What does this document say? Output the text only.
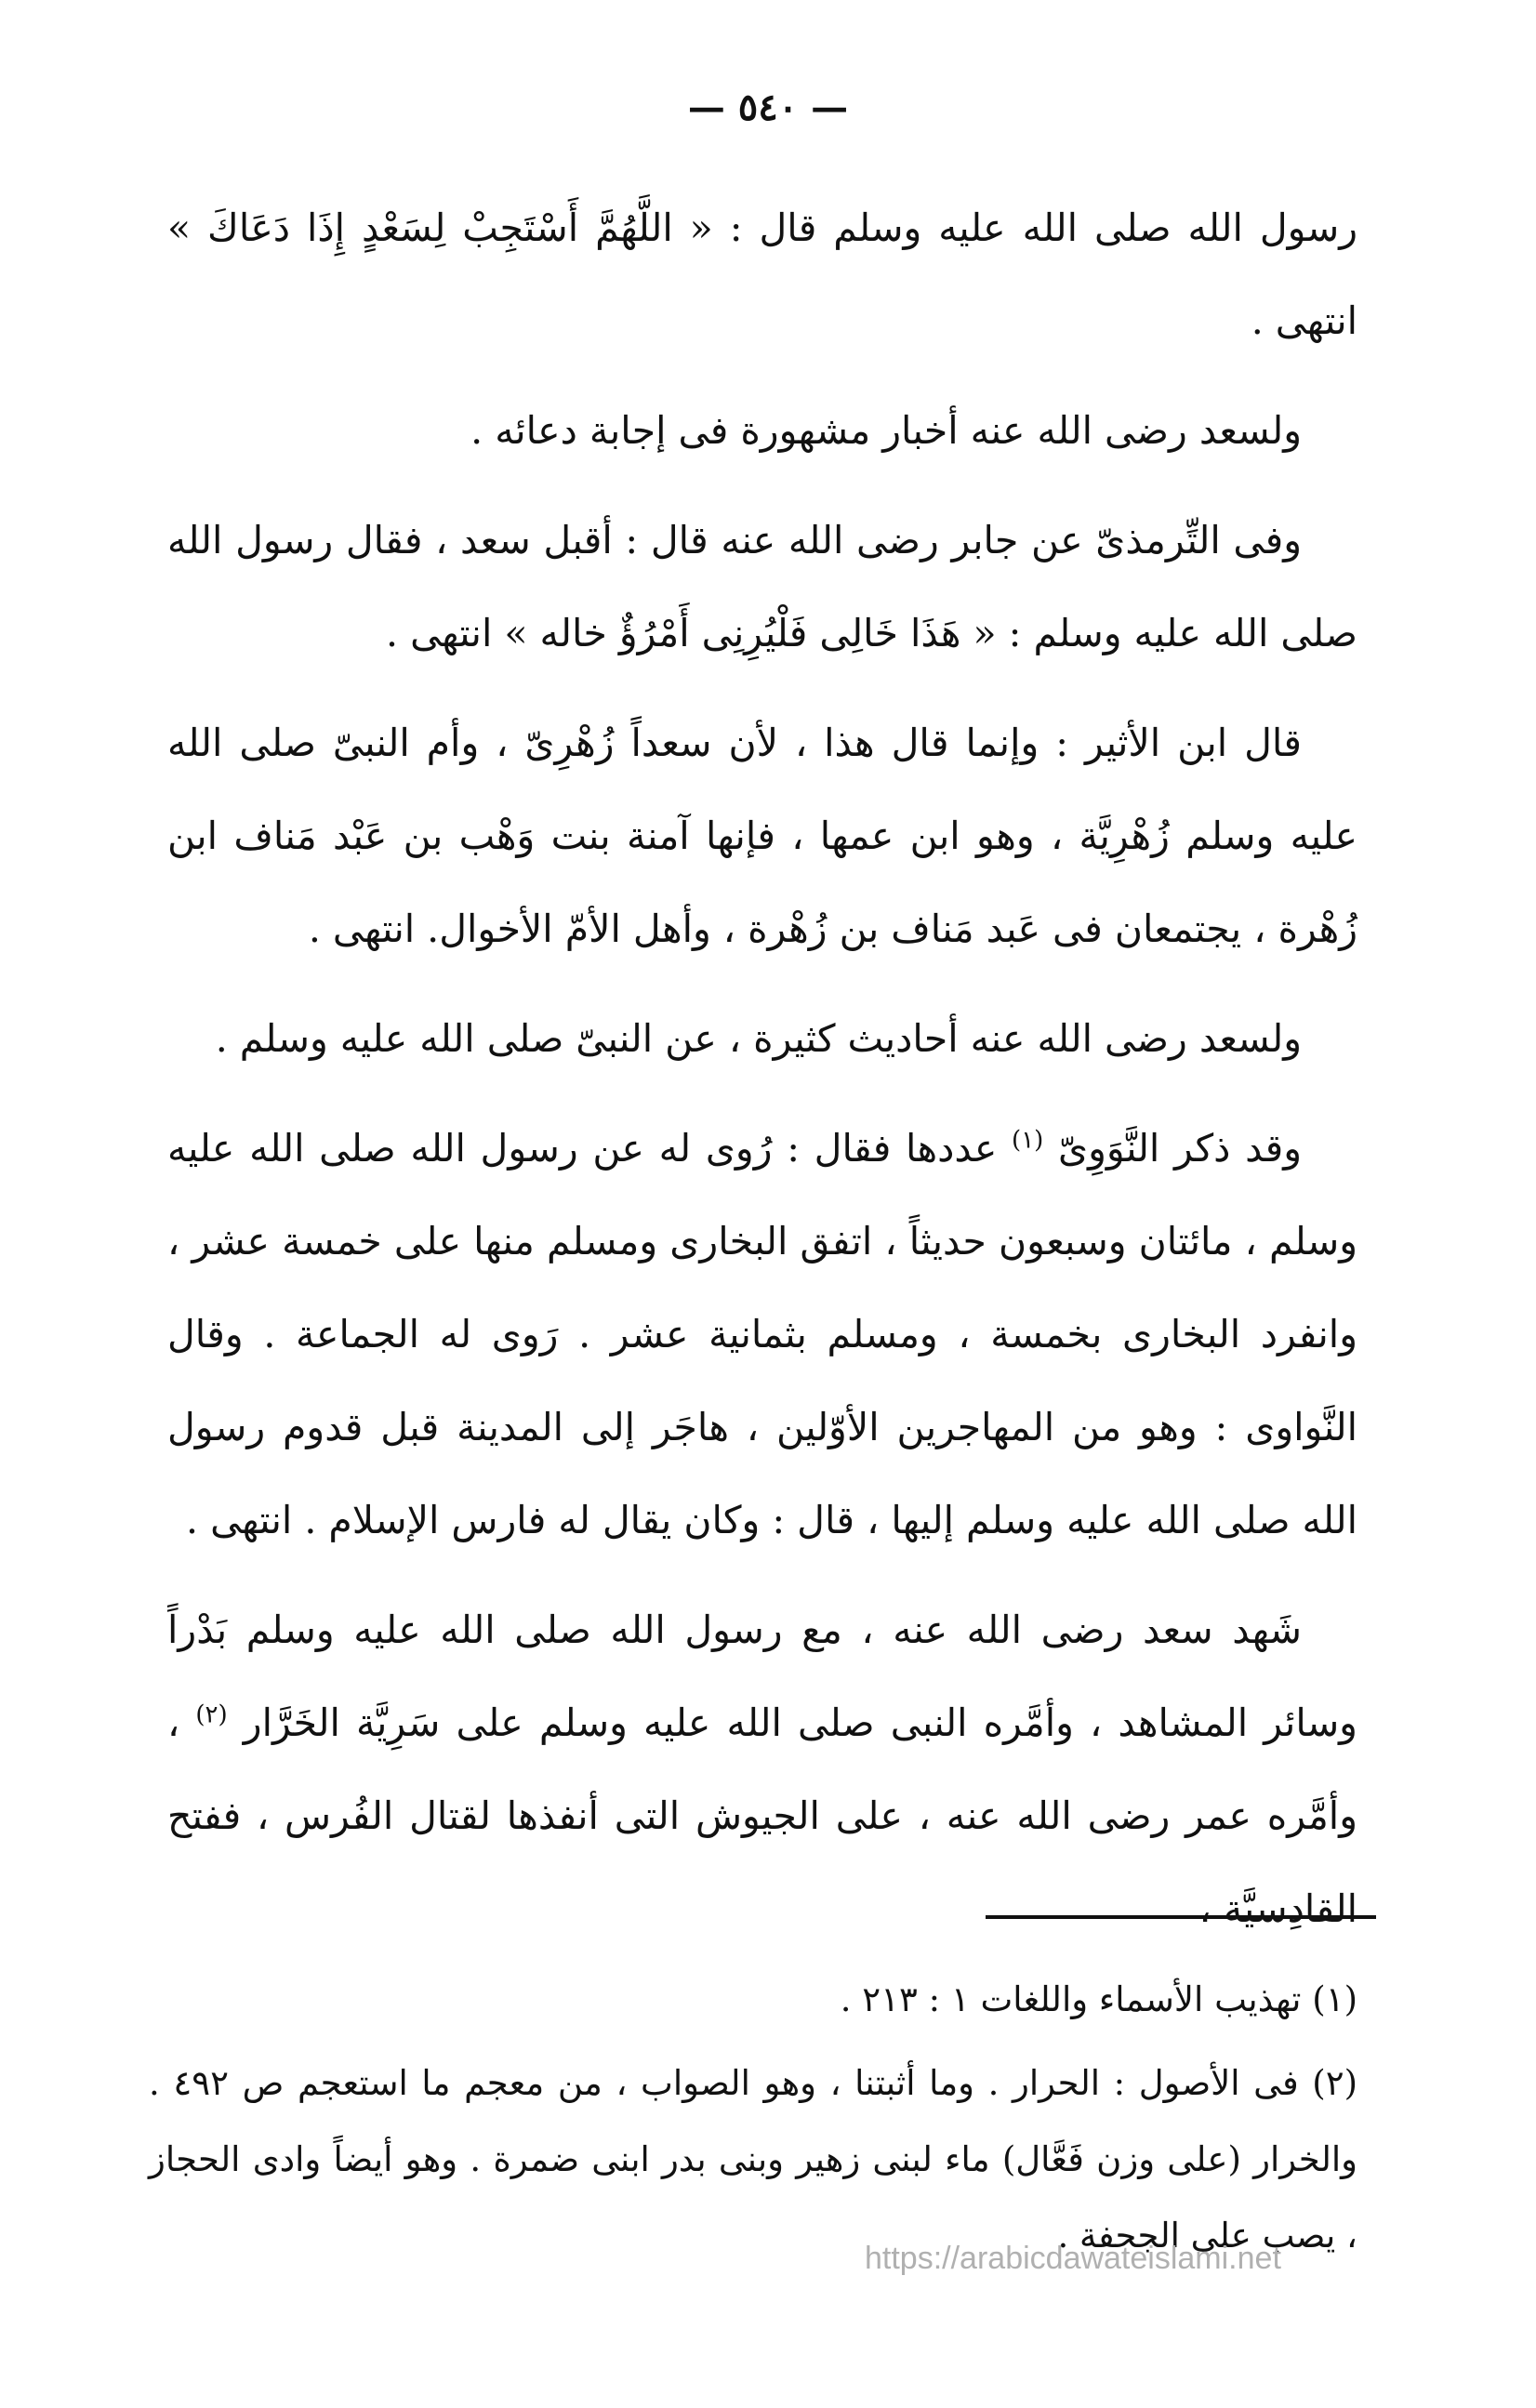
— ٥٤٠ —

رسول الله صلى الله عليه وسلم قال : « اللَّهُمَّ أَسْتَجِبْ لِسَعْدٍ إِذَا دَعَاكَ » انتهى .

ولسعد رضى الله عنه أخبار مشهورة فى إجابة دعائه .

وفى التِّرمذىّ عن جابر رضى الله عنه قال : أقبل سعد ، فقال رسول الله صلى الله عليه وسلم : « هَذَا خَالِى فَلْيُرِنِى أَمْرُؤٌ خاله » انتهى .

قال ابن الأثير : وإنما قال هذا ، لأن سعداً زُهْرِىّ ، وأم النبىّ صلى الله عليه وسلم زُهْرِيَّة ، وهو ابن عمها ، فإنها آمنة بنت وَهْب بن عَبْد مَناف ابن زُهْرة ، يجتمعان فى عَبد مَناف بن زُهْرة ، وأهل الأمّ الأخوال. انتهى .

ولسعد رضى الله عنه أحاديث كثيرة ، عن النبىّ صلى الله عليه وسلم .

وقد ذكر النَّوَوِىّ $^{(١)}$ عددها فقال : رُوى له عن رسول الله صلى الله عليه وسلم ، مائتان وسبعون حديثاً ، اتفق البخارى ومسلم منها على خمسة عشر ، وانفرد البخارى بخمسة ، ومسلم بثمانية عشر . رَوى له الجماعة . وقال النَّواوى : وهو من المهاجرين الأوّلين ، هاجَر إلى المدينة قبل قدوم رسول الله صلى الله عليه وسلم إليها ، قال : وكان يقال له فارس الإسلام . انتهى .

شَهد سعد رضى الله عنه ، مع رسول الله صلى الله عليه وسلم بَدْراً وسائر المشاهد ، وأمَّره النبى صلى الله عليه وسلم على سَرِيَّة الخَرَّار $^{(٢)}$ ، وأمَّره عمر رضى الله عنه ، على الجيوش التى أنفذها لقتال الفُرس ، ففتح القادِسيَّة ،

(١) تهذيب الأسماء واللغات ١ : ٢١٣ .

(٢) فى الأصول : الحرار . وما أثبتنا ، وهو الصواب ، من معجم ما استعجم ص ٤٩٢ . والخرار (على وزن فَعَّال) ماء لبنى زهير وبنى بدر ابنى ضمرة . وهو أيضاً وادى الحجاز ، يصب على الجحفة .

https://arabicdawateislami.net
